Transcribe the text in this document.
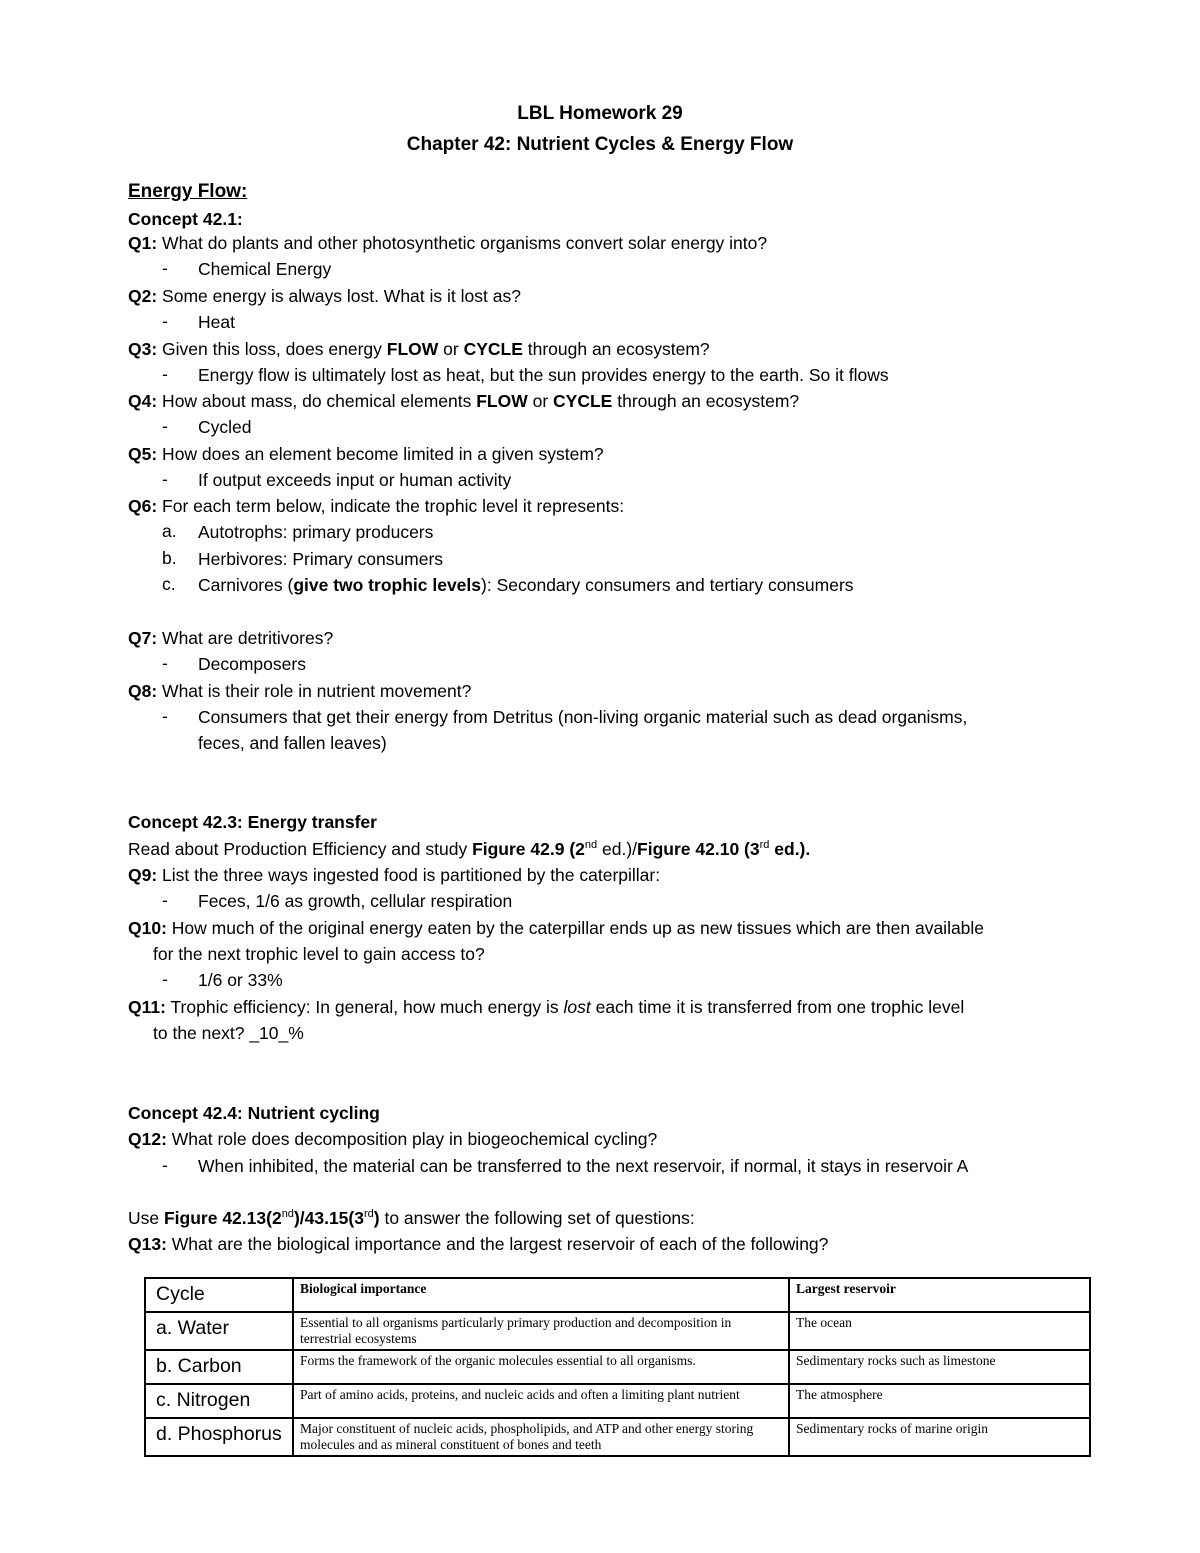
LBL Homework 29
Chapter 42: Nutrient Cycles & Energy Flow
Energy Flow:
Concept 42.1:
Q1: What do plants and other photosynthetic organisms convert solar energy into?
- Chemical Energy
Q2: Some energy is always lost. What is it lost as?
- Heat
Q3: Given this loss, does energy FLOW or CYCLE through an ecosystem?
- Energy flow is ultimately lost as heat, but the sun provides energy to the earth. So it flows
Q4: How about mass, do chemical elements FLOW or CYCLE through an ecosystem?
- Cycled
Q5: How does an element become limited in a given system?
- If output exceeds input or human activity
Q6: For each term below, indicate the trophic level it represents:
a. Autotrophs: primary producers
b. Herbivores: Primary consumers
c. Carnivores (give two trophic levels): Secondary consumers and tertiary consumers
Q7: What are detritivores?
- Decomposers
Q8: What is their role in nutrient movement?
- Consumers that get their energy from Detritus (non-living organic material such as dead organisms,
feces, and fallen leaves)
Concept 42.3: Energy transfer
Read about Production Efficiency and study Figure 42.9 (2nd ed.)/Figure 42.10 (3rd ed.).
Q9: List the three ways ingested food is partitioned by the caterpillar:
- Feces, 1/6 as growth, cellular respiration
Q10: How much of the original energy eaten by the caterpillar ends up as new tissues which are then available
for the next trophic level to gain access to?
- 1/6 or 33%
Q11: Trophic efficiency: In general, how much energy is lost each time it is transferred from one trophic level
to the next? _10_%
Concept 42.4: Nutrient cycling
Q12: What role does decomposition play in biogeochemical cycling?
- When inhibited, the material can be transferred to the next reservoir, if normal, it stays in reservoir A
Use Figure 42.13(2nd)/43.15(3rd) to answer the following set of questions:
Q13: What are the biological importance and the largest reservoir of each of the following?
Cycle	Biological importance	Largest reservoir
a. Water	Essential to all organisms particularly primary production and decomposition in terrestrial ecosystems	The ocean
b. Carbon	Forms the framework of the organic molecules essential to all organisms.	Sedimentary rocks such as limestone
c. Nitrogen	Part of amino acids, proteins, and nucleic acids and often a limiting plant nutrient	The atmosphere
d. Phosphorus	Major constituent of nucleic acids, phospholipids, and ATP and other energy storing molecules and as mineral constituent of bones and teeth	Sedimentary rocks of marine origin
